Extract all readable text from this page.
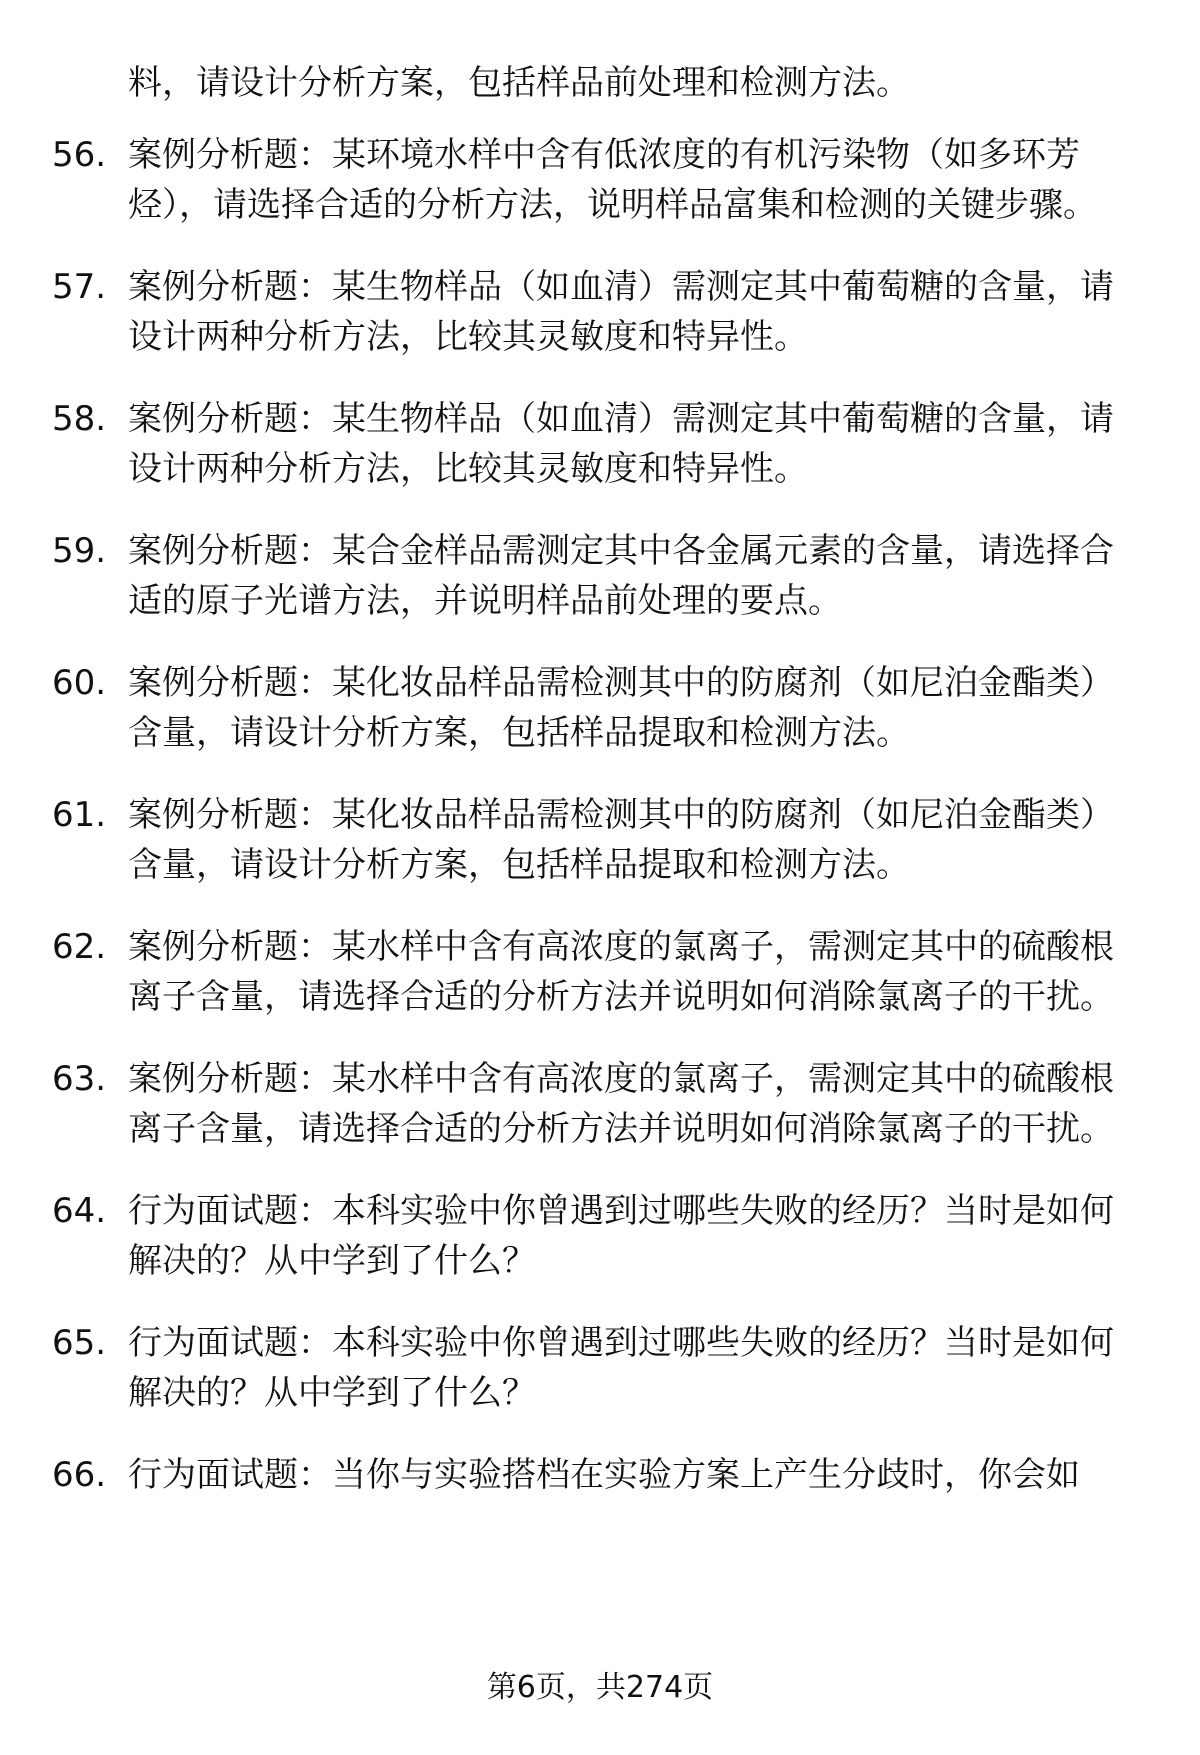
料，请设计分析方案，包括样品前处理和检测方法。
56. 案例分析题：某环境水样中含有低浓度的有机污染物（如多环芳烃），请选择合适的分析方法，说明样品富集和检测的关键步骤。
57. 案例分析题：某生物样品（如血清）需测定其中葡萄糖的含量，请设计两种分析方法，比较其灵敏度和特异性。
58. 案例分析题：某生物样品（如血清）需测定其中葡萄糖的含量，请设计两种分析方法，比较其灵敏度和特异性。
59. 案例分析题：某合金样品需测定其中各金属元素的含量，请选择合适的原子光谱方法，并说明样品前处理的要点。
60. 案例分析题：某化妆品样品需检测其中的防腐剂（如尼泊金酯类）含量，请设计分析方案，包括样品提取和检测方法。
61. 案例分析题：某化妆品样品需检测其中的防腐剂（如尼泊金酯类）含量，请设计分析方案，包括样品提取和检测方法。
62. 案例分析题：某水样中含有高浓度的氯离子，需测定其中的硫酸根离子含量，请选择合适的分析方法并说明如何消除氯离子的干扰。
63. 案例分析题：某水样中含有高浓度的氯离子，需测定其中的硫酸根离子含量，请选择合适的分析方法并说明如何消除氯离子的干扰。
64. 行为面试题：本科实验中你曾遇到过哪些失败的经历？当时是如何解决的？从中学到了什么？
65. 行为面试题：本科实验中你曾遇到过哪些失败的经历？当时是如何解决的？从中学到了什么？
66. 行为面试题：当你与实验搭档在实验方案上产生分歧时，你会如
第6页，共274页
